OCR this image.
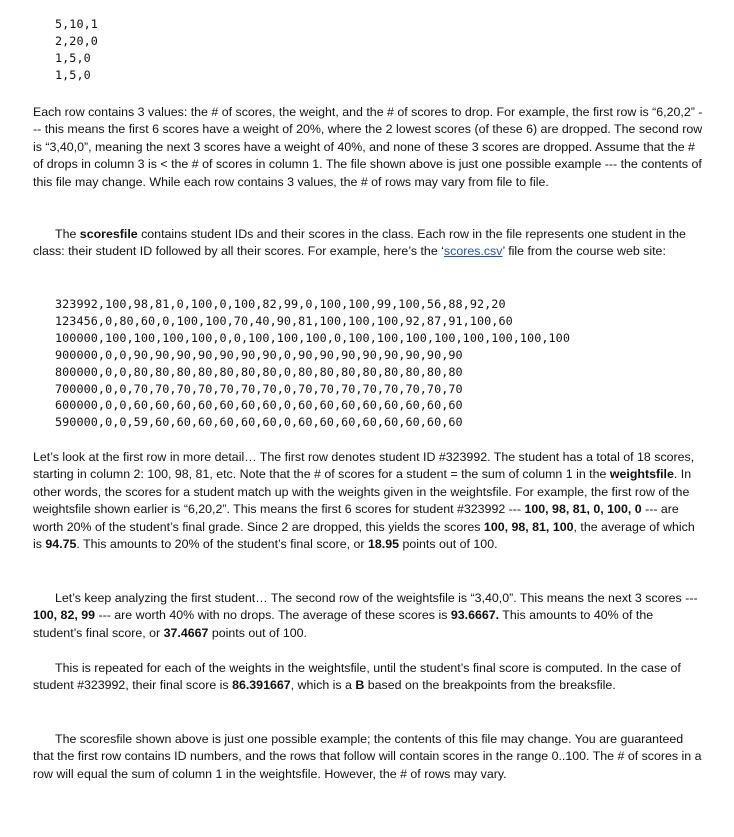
5,10,1
2,20,0
1,5,0
1,5,0

Each row contains 3 values: the # of scores, the weight, and the # of scores to drop. For example, the first row is “6,20,2” --- this means the first 6 scores have a weight of 20%, where the 2 lowest scores (of these 6) are dropped. The second row is “3,40,0”, meaning the next 3 scores have a weight of 40%, and none of these 3 scores are dropped. Assume that the # of drops in column 3 is < the # of scores in column 1. The file shown above is just one possible example --- the contents of this file may change. While each row contains 3 values, the # of rows may vary from file to file.

The scoresfile contains student IDs and their scores in the class. Each row in the file represents one student in the class: their student ID followed by all their scores. For example, here’s the ‘scores.csv’ file from the course web site:

323992,100,98,81,0,100,0,100,82,99,0,100,100,99,100,56,88,92,20
123456,0,80,60,0,100,100,70,40,90,81,100,100,100,92,87,91,100,60
100000,100,100,100,100,0,0,100,100,100,0,100,100,100,100,100,100,100,100
900000,0,0,90,90,90,90,90,90,90,0,90,90,90,90,90,90,90,90
800000,0,0,80,80,80,80,80,80,80,0,80,80,80,80,80,80,80,80
700000,0,0,70,70,70,70,70,70,70,0,70,70,70,70,70,70,70,70
600000,0,0,60,60,60,60,60,60,60,0,60,60,60,60,60,60,60,60
590000,0,0,59,60,60,60,60,60,60,0,60,60,60,60,60,60,60,60

Let’s look at the first row in more detail… The first row denotes student ID #323992. The student has a total of 18 scores, starting in column 2: 100, 98, 81, etc. Note that the # of scores for a student = the sum of column 1 in the weightsfile. In other words, the scores for a student match up with the weights given in the weightsfile. For example, the first row of the weightsfile shown earlier is “6,20,2”. This means the first 6 scores for student #323992 --- 100, 98, 81, 0, 100, 0 --- are worth 20% of the student’s final grade. Since 2 are dropped, this yields the scores 100, 98, 81, 100, the average of which is 94.75. This amounts to 20% of the student’s final score, or 18.95 points out of 100.

Let’s keep analyzing the first student… The second row of the weightsfile is “3,40,0”. This means the next 3 scores --- 100, 82, 99 --- are worth 40% with no drops. The average of these scores is 93.6667. This amounts to 40% of the student’s final score, or 37.4667 points out of 100.

This is repeated for each of the weights in the weightsfile, until the student’s final score is computed. In the case of student #323992, their final score is 86.391667, which is a B based on the breakpoints from the breaksfile.

The scoresfile shown above is just one possible example; the contents of this file may change. You are guaranteed that the first row contains ID numbers, and the rows that follow will contain scores in the range 0..100. The # of scores in a row will equal the sum of column 1 in the weightsfile. However, the # of rows may vary.
